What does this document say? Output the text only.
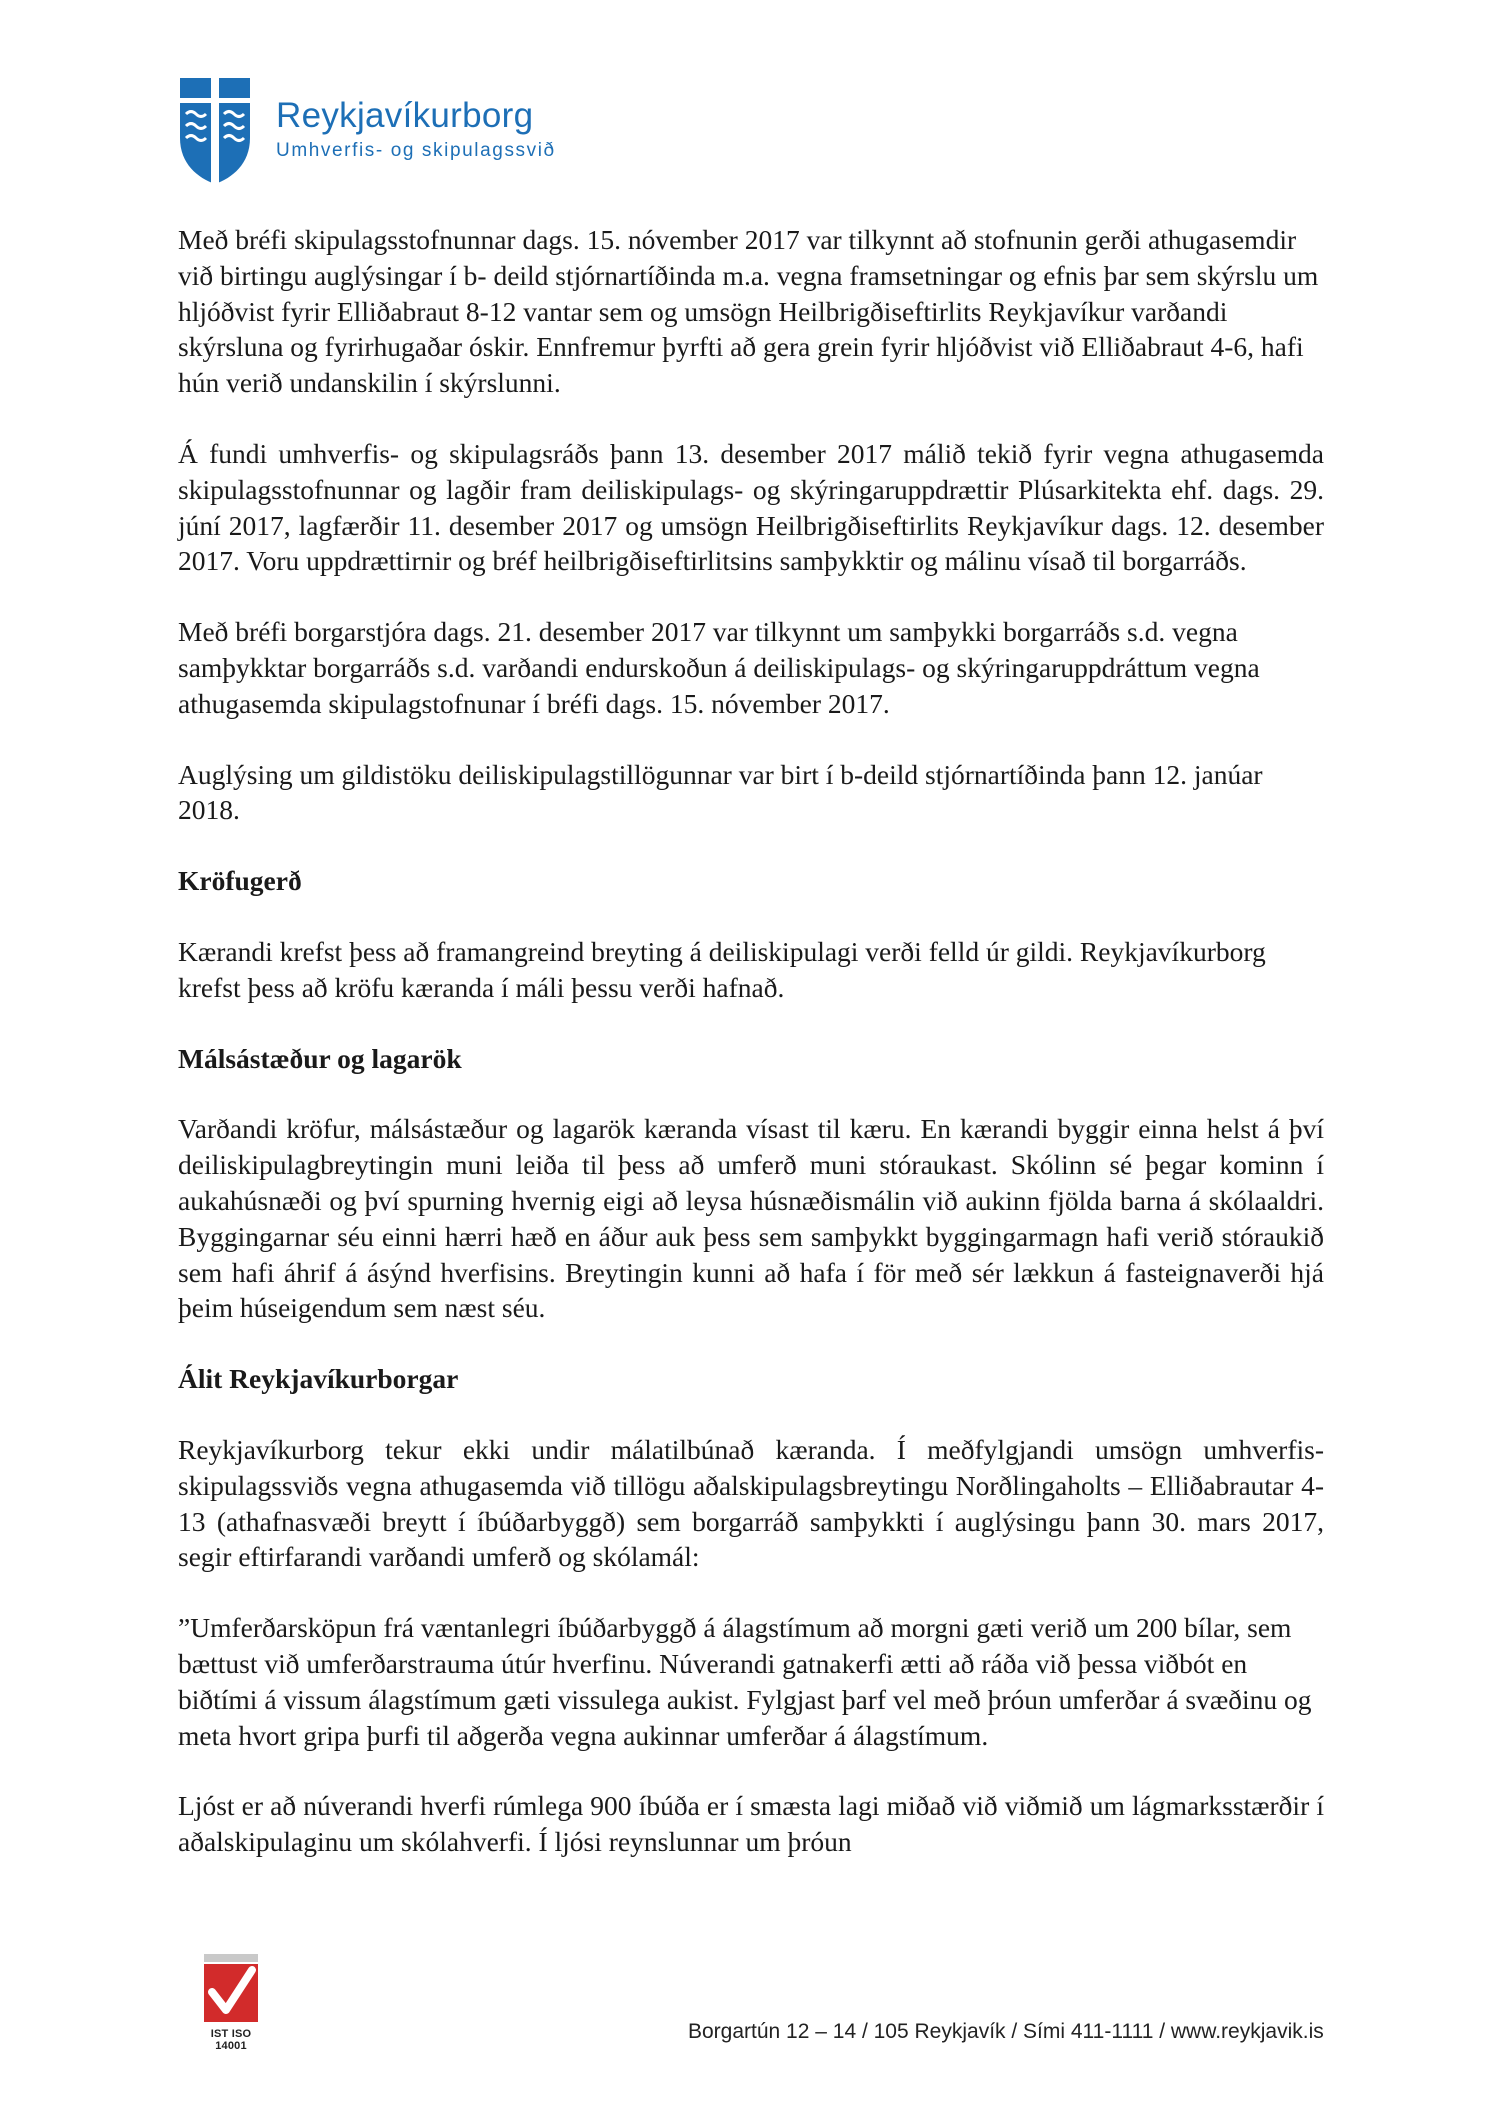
Reykjavíkurborg
Umhverfis- og skipulagssvið

Með bréfi skipulagsstofnunnar dags. 15. nóvember 2017 var tilkynnt að stofnunin gerði athugasemdir við birtingu auglýsingar í b- deild stjórnartíðinda m.a. vegna framsetningar og efnis þar sem skýrslu um hljóðvist fyrir Elliðabraut 8-12 vantar sem og umsögn Heilbrigðiseftirlits Reykjavíkur varðandi skýrsluna og fyrirhugaðar óskir. Ennfremur þyrfti að gera grein fyrir hljóðvist við Elliðabraut 4-6, hafi hún verið undanskilin í skýrslunni.

Á fundi umhverfis- og skipulagsráðs þann 13. desember 2017 málið tekið fyrir vegna athugasemda skipulagsstofnunnar og lagðir fram deiliskipulags- og skýringaruppdrættir Plúsarkitekta ehf. dags. 29. júní 2017, lagfærðir 11. desember 2017 og umsögn Heilbrigðiseftirlits Reykjavíkur dags. 12. desember 2017. Voru uppdrættirnir og bréf heilbrigðiseftirlitsins samþykktir og málinu vísað til borgarráðs.

Með bréfi borgarstjóra dags. 21. desember 2017 var tilkynnt um samþykki borgarráðs s.d. vegna samþykktar borgarráðs s.d. varðandi endurskoðun á deiliskipulags- og skýringaruppdráttum vegna athugasemda skipulagstofnunar í bréfi dags. 15. nóvember 2017.

Auglýsing um gildistöku deiliskipulagstillögunnar var birt í b-deild stjórnartíðinda þann 12. janúar 2018.

Kröfugerð

Kærandi krefst þess að framangreind breyting á deiliskipulagi verði felld úr gildi. Reykjavíkurborg krefst þess að kröfu kæranda í máli þessu verði hafnað.

Málsástæður og lagarök

Varðandi kröfur, málsástæður og lagarök kæranda vísast til kæru. En kærandi byggir einna helst á því deiliskipulagbreytingin muni leiða til þess að umferð muni stóraukast. Skólinn sé þegar kominn í aukahúsnæði og því spurning hvernig eigi að leysa húsnæðismálin við aukinn fjölda barna á skólaaldri. Byggingarnar séu einni hærri hæð en áður auk þess sem samþykkt byggingarmagn hafi verið stóraukið sem hafi áhrif á ásýnd hverfisins. Breytingin kunni að hafa í för með sér lækkun á fasteignaverði hjá þeim húseigendum sem næst séu.

Álit Reykjavíkurborgar

Reykjavíkurborg tekur ekki undir málatilbúnað kæranda. Í meðfylgjandi umsögn umhverfis- skipulagssviðs vegna athugasemda við tillögu aðalskipulagsbreytingu Norðlingaholts – Elliðabrautar 4-13 (athafnasvæði breytt í íbúðarbyggð) sem borgarráð samþykkti í auglýsingu þann 30. mars 2017, segir eftirfarandi varðandi umferð og skólamál:

”Umferðarsköpun frá væntanlegri íbúðarbyggð á álagstímum að morgni gæti verið um 200 bílar, sem bættust við umferðarstrauma útúr hverfinu. Núverandi gatnakerfi ætti að ráða við þessa viðbót en biðtími á vissum álagstímum gæti vissulega aukist. Fylgjast þarf vel með þróun umferðar á svæðinu og meta hvort gripa þurfi til aðgerða vegna aukinnar umferðar á álagstímum.

Ljóst er að núverandi hverfi rúmlega 900 íbúða er í smæsta lagi miðað við viðmið um lágmarksstærðir í aðalskipulaginu um skólahverfi. Í ljósi reynslunnar um þróun

IST ISO 14001
Borgartún 12 – 14 / 105 Reykjavík / Sími 411-1111 / www.reykjavik.is
